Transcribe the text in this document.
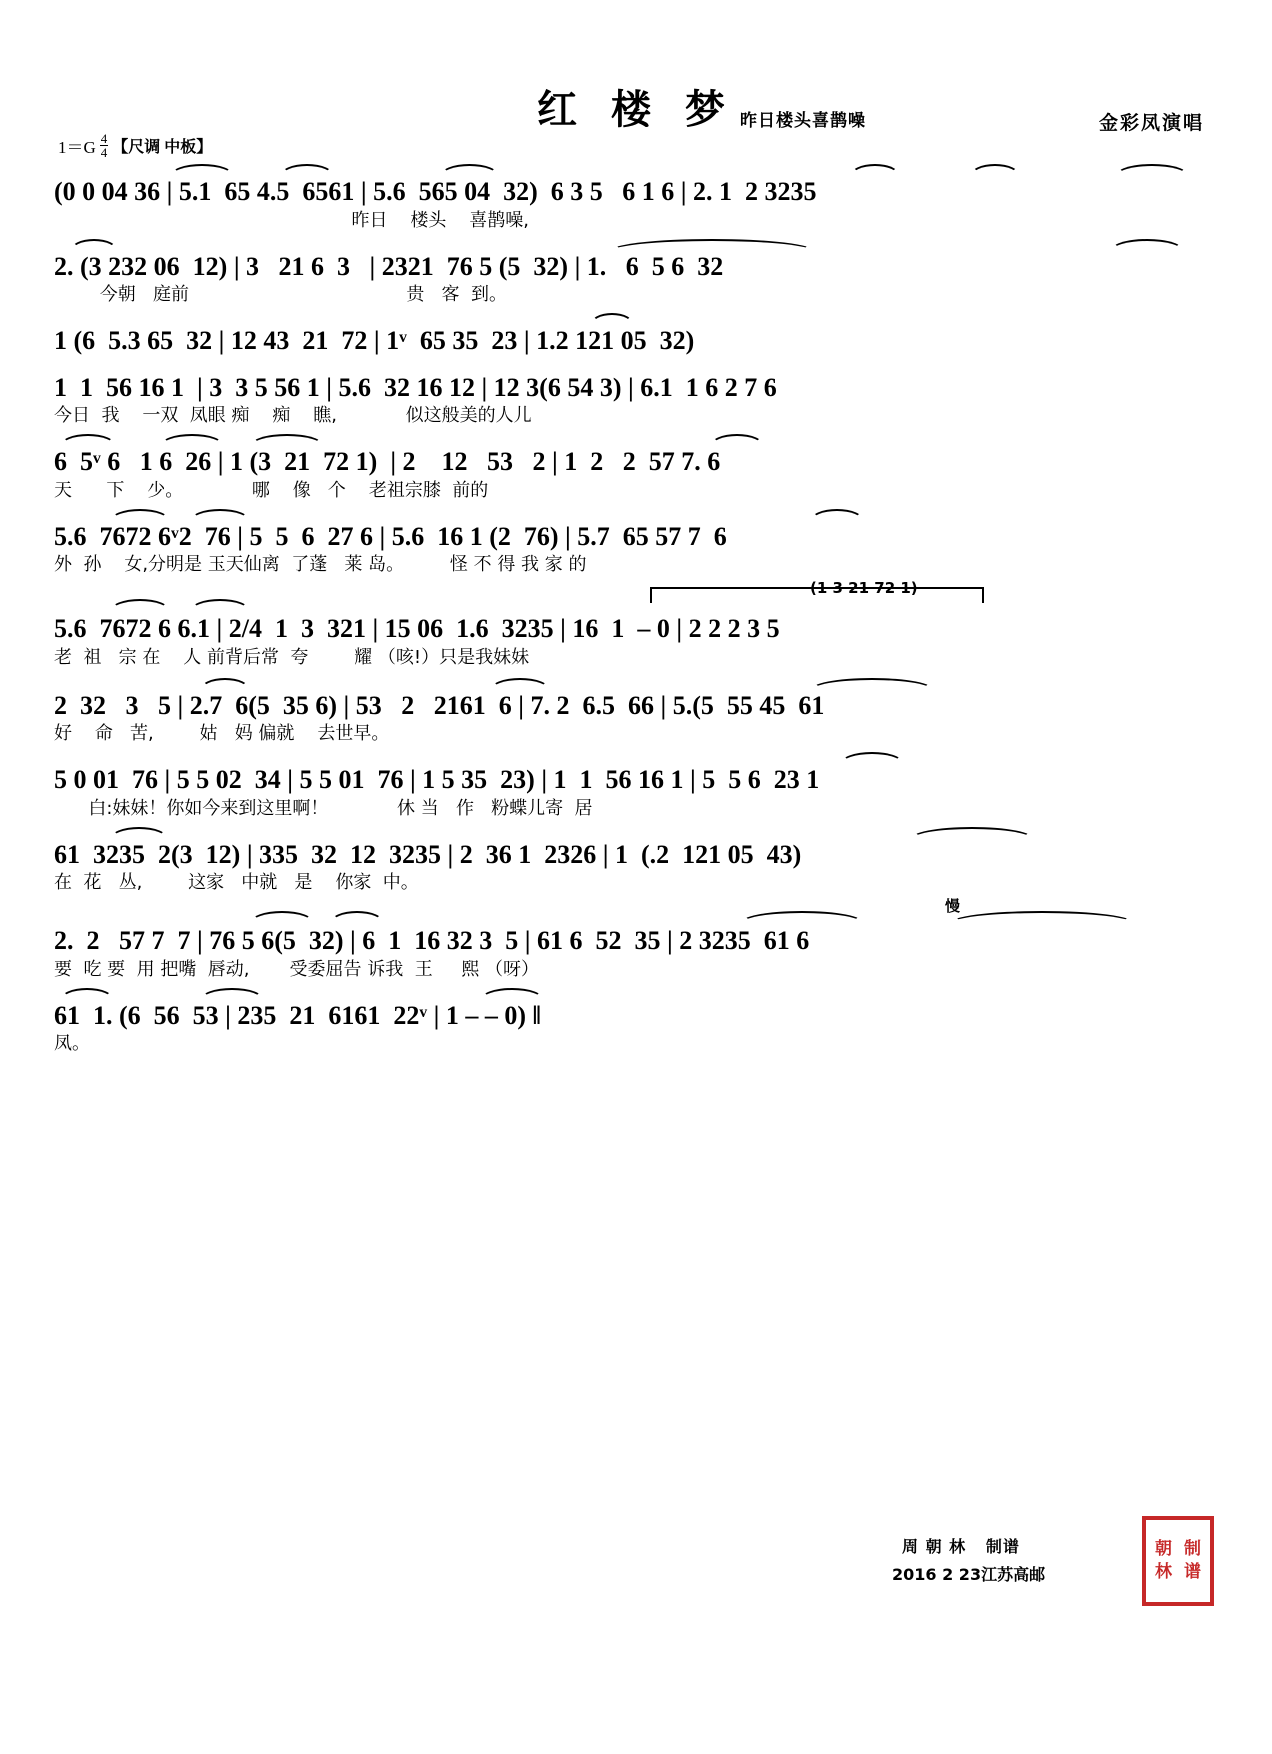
红 楼 梦 昨日楼头喜鹊噪	金彩凤演唱
$1=G \frac{4}{4}$ 【尺调 中板】
(0 0 04 36 | 5.1  65 4.5  6561 | 5.6  565 04  32)  6 3 5   6 1 6 | 2. 1  2 3235
昨日    楼头    喜鹊噪,
2. (3 232 06  12) | 3   21 6  3   | 2321  76 5 (5  32) | 1.   6  5 6  32
今朝   庭前                                      贵   客  到。
1 (6  5.3 65  32 | 12 43  21  72 | 1ᵛ  65 35  23 | 1.2 121 05  32)
1  1  56 16 1  | 3  3 5 56 1 | 5.6  32 16 12 | 12 3(6 54 3) | 6.1  1 6 2 7 6
今日  我    一双  凤眼 痴    痴    瞧,            似这般美的人儿
6  5ᵛ 6   1 6  26 | 1 (3  21  72 1)  | 2    12   53   2 | 1  2   2  57 7. 6
天      下    少。            哪    像   个    老祖宗膝  前的
5.6  7672 6ᵛ2  76 | 5  5  6  27 6 | 5.6  16 1 (2  76) | 5.7  65 57 7  6
外  孙    女,分明是 玉天仙离  了蓬   莱 岛。        怪 不 得 我 家 的
(1 3 21 72 1)
5.6  7672 6 6.1 | 2/4  1  3  321 | 15 06  1.6  3235 | 16  1  – 0 | 2 2 2 3 5
老  祖   宗 在    人 前背后常  夸        耀 （咳!）只是我妹妹
2  32   3   5 | 2.7  6(5  35 6) | 53   2   2161  6 | 7. 2  6.5  66 | 5.(5  55 45  61
好    命   苦,        姑   妈 偏就    去世早。
5 0 01  76 | 5 5 02  34 | 5 5 01  76 | 1 5 35  23) | 1  1  56 16 1 | 5  5 6  23 1
白:妹妹！你如今来到这里啊！            休 当   作   粉蝶儿寄  居
61  3235  2(3  12) | 335  32  12  3235 | 2  36 1  2326 | 1  (.2  121 05  43)
在  花   丛,        这家   中就   是    你家  中。
慢
2.  2   57 7  7 | 76 5 6(5  32) | 6  1  16 32 3  5 | 61 6  52  35 | 2 3235  61 6
要  吃 要  用 把嘴  唇动,       受委屈告 诉我  王     熙 （呀）
61  1. (6  56  53 | 235  21  6161  22ᵛ | 1 – – 0) ‖
凤。
周 朝 林   制谱
2016 2 23江苏高邮
朝 制
林 谱
